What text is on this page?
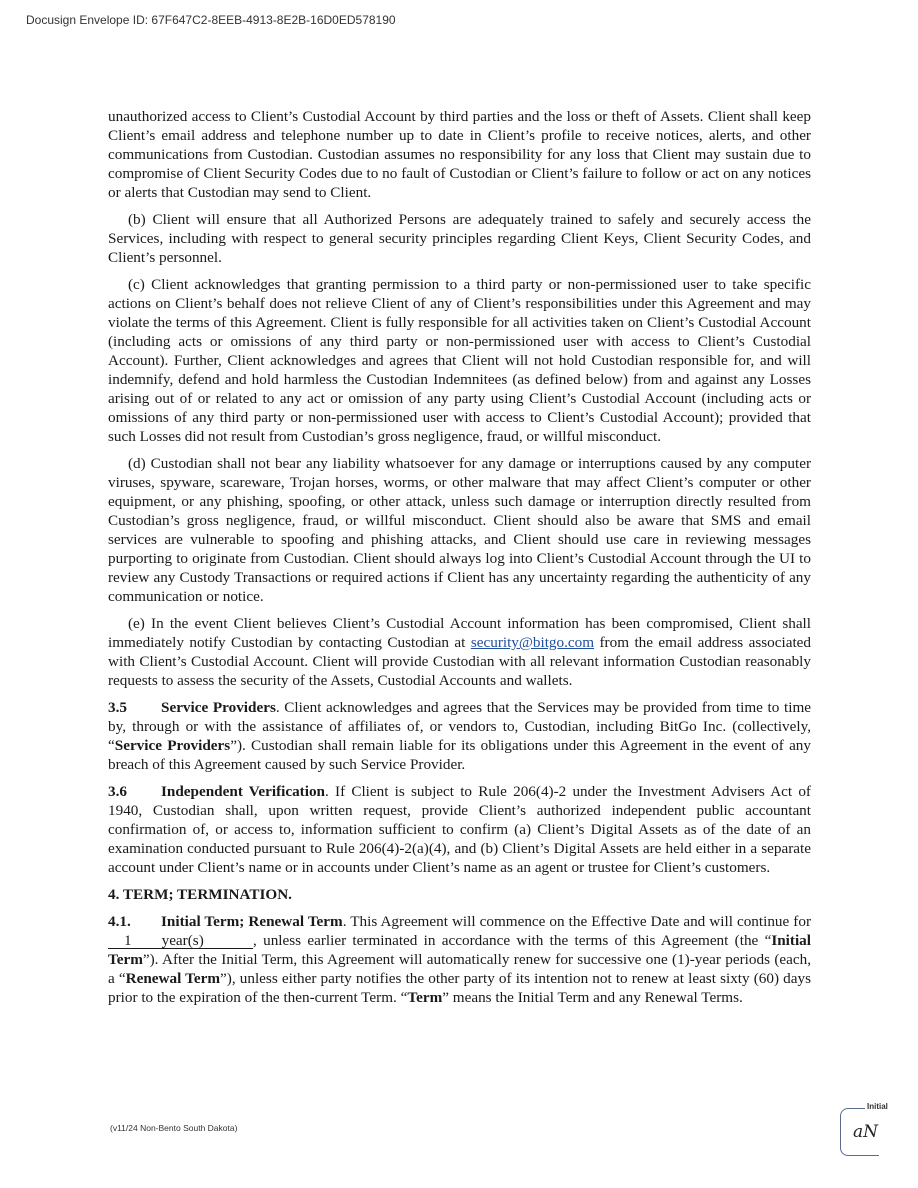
Docusign Envelope ID: 67F647C2-8EEB-4913-8E2B-16D0ED578190

unauthorized access to Client’s Custodial Account by third parties and the loss or theft of Assets. Client shall keep Client’s email address and telephone number up to date in Client’s profile to receive notices, alerts, and other communications from Custodian. Custodian assumes no responsibility for any loss that Client may sustain due to compromise of Client Security Codes due to no fault of Custodian or Client’s failure to follow or act on any notices or alerts that Custodian may send to Client.

(b) Client will ensure that all Authorized Persons are adequately trained to safely and securely access the Services, including with respect to general security principles regarding Client Keys, Client Security Codes, and Client’s personnel.

(c) Client acknowledges that granting permission to a third party or non-permissioned user to take specific actions on Client’s behalf does not relieve Client of any of Client’s responsibilities under this Agreement and may violate the terms of this Agreement. Client is fully responsible for all activities taken on Client’s Custodial Account (including acts or omissions of any third party or non-permissioned user with access to Client’s Custodial Account). Further, Client acknowledges and agrees that Client will not hold Custodian responsible for, and will indemnify, defend and hold harmless the Custodian Indemnitees (as defined below) from and against any Losses arising out of or related to any act or omission of any party using Client’s Custodial Account (including acts or omissions of any third party or non-permissioned user with access to Client’s Custodial Account); provided that such Losses did not result from Custodian’s gross negligence, fraud, or willful misconduct.

(d) Custodian shall not bear any liability whatsoever for any damage or interruptions caused by any computer viruses, spyware, scareware, Trojan horses, worms, or other malware that may affect Client’s computer or other equipment, or any phishing, spoofing, or other attack, unless such damage or interruption directly resulted from Custodian’s gross negligence, fraud, or willful misconduct. Client should also be aware that SMS and email services are vulnerable to spoofing and phishing attacks, and Client should use care in reviewing messages purporting to originate from Custodian. Client should always log into Client’s Custodial Account through the UI to review any Custody Transactions or required actions if Client has any uncertainty regarding the authenticity of any communication or notice.

(e) In the event Client believes Client’s Custodial Account information has been compromised, Client shall immediately notify Custodian by contacting Custodian at security@bitgo.com from the email address associated with Client’s Custodial Account. Client will provide Custodian with all relevant information Custodian reasonably requests to assess the security of the Assets, Custodial Accounts and wallets.

3.5 Service Providers. Client acknowledges and agrees that the Services may be provided from time to time by, through or with the assistance of affiliates of, or vendors to, Custodian, including BitGo Inc. (collectively, “Service Providers”). Custodian shall remain liable for its obligations under this Agreement in the event of any breach of this Agreement caused by such Service Provider.

3.6 Independent Verification. If Client is subject to Rule 206(4)-2 under the Investment Advisers Act of 1940, Custodian shall, upon written request, provide Client’s authorized independent public accountant confirmation of, or access to, information sufficient to confirm (a) Client’s Digital Assets as of the date of an examination conducted pursuant to Rule 206(4)-2(a)(4), and (b) Client’s Digital Assets are held either in a separate account under Client’s name or in accounts under Client’s name as an agent or trustee for Client’s customers.

4. TERM; TERMINATION.

4.1. Initial Term; Renewal Term. This Agreement will commence on the Effective Date and will continue for 1 year(s)	, unless earlier terminated in accordance with the terms of this Agreement (the “Initial Term”). After the Initial Term, this Agreement will automatically renew for successive one (1)-year periods (each, a “Renewal Term”), unless either party notifies the other party of its intention not to renew at least sixty (60) days prior to the expiration of the then-current Term. “Term” means the Initial Term and any Renewal Terms.

(v11/24 Non-Bento South Dakota)
Initial
aN
